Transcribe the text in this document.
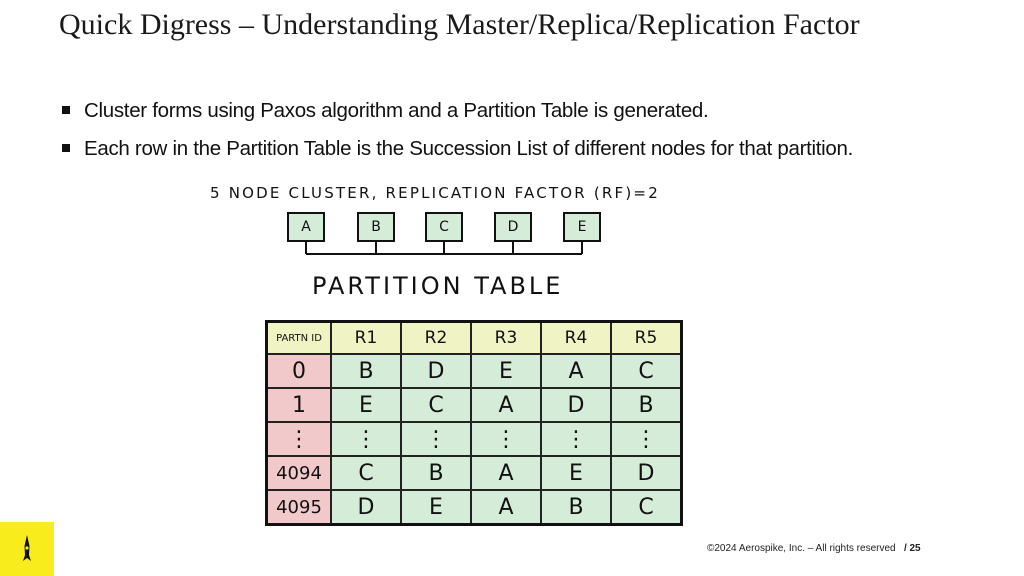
Quick Digress – Understanding Master/Replica/Replication Factor
Cluster forms using Paxos algorithm and a Partition Table is generated.
Each row in the Partition Table is the Succession List of different nodes for that partition.
5 NODE CLUSTER, REPLICATION FACTOR (RF)=2
A	B	C	D	E
PARTITION TABLE
PARTN ID	R1	R2	R3	R4	R5
0	B	D	E	A	C
1	E	C	A	D	B
⋮	⋮	⋮	⋮	⋮	⋮
4094	C	B	A	E	D
4095	D	E	A	B	C
©2024 Aerospike, Inc. – All rights reserved / 25
